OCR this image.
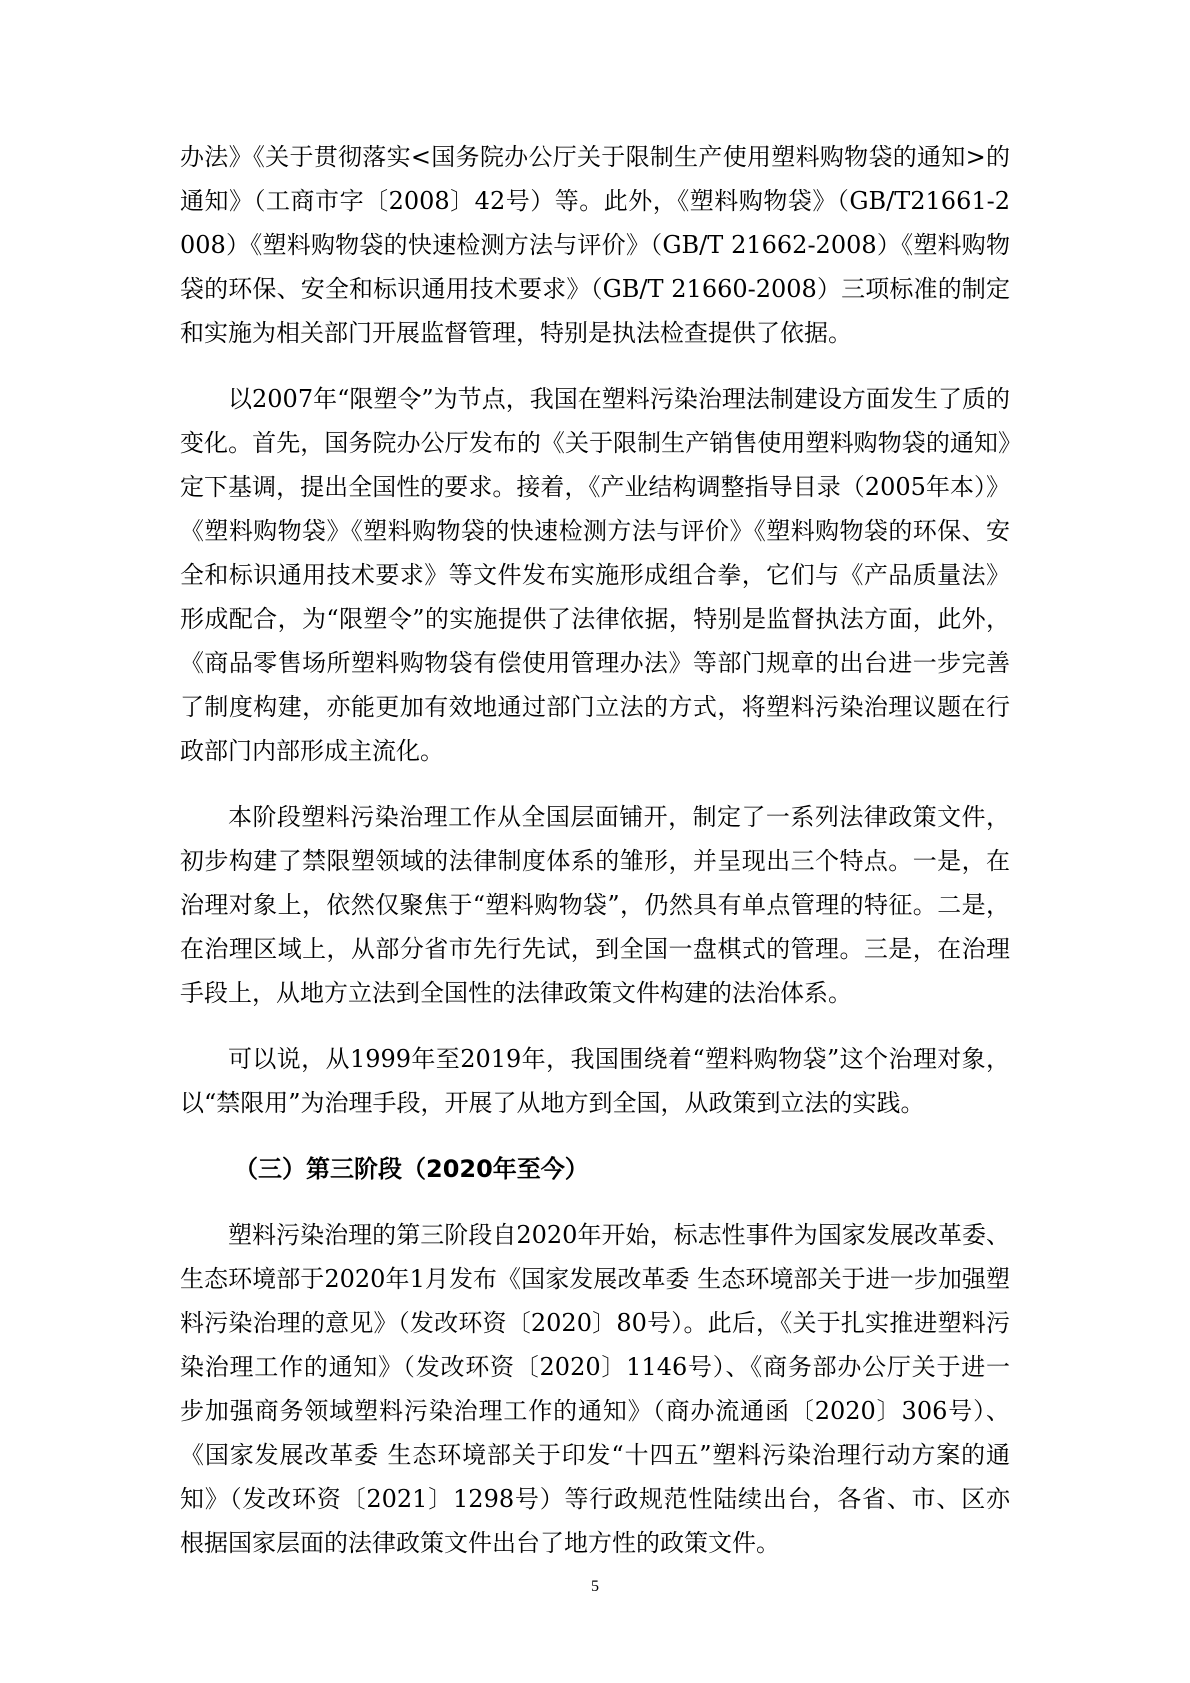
办法》《关于贯彻落实<国务院办公厅关于限制生产使用塑料购物袋的通知>的通知》（工商市字〔2008〕42号）等。此外，《塑料购物袋》（GB/T21661-2008）《塑料购物袋的快速检测方法与评价》（GB/T 21662-2008）《塑料购物袋的环保、安全和标识通用技术要求》（GB/T 21660-2008）三项标准的制定和实施为相关部门开展监督管理，特别是执法检查提供了依据。

以2007年“限塑令”为节点，我国在塑料污染治理法制建设方面发生了质的变化。首先，国务院办公厅发布的《关于限制生产销售使用塑料购物袋的通知》定下基调，提出全国性的要求。接着，《产业结构调整指导目录（2005年本）》《塑料购物袋》《塑料购物袋的快速检测方法与评价》《塑料购物袋的环保、安全和标识通用技术要求》等文件发布实施形成组合拳，它们与《产品质量法》形成配合，为“限塑令”的实施提供了法律依据，特别是监督执法方面，此外，《商品零售场所塑料购物袋有偿使用管理办法》等部门规章的出台进一步完善了制度构建，亦能更加有效地通过部门立法的方式，将塑料污染治理议题在行政部门内部形成主流化。

本阶段塑料污染治理工作从全国层面铺开，制定了一系列法律政策文件，初步构建了禁限塑领域的法律制度体系的雏形，并呈现出三个特点。一是，在治理对象上，依然仅聚焦于“塑料购物袋”，仍然具有单点管理的特征。二是，在治理区域上，从部分省市先行先试，到全国一盘棋式的管理。三是，在治理手段上，从地方立法到全国性的法律政策文件构建的法治体系。

可以说，从1999年至2019年，我国围绕着“塑料购物袋”这个治理对象，以“禁限用”为治理手段，开展了从地方到全国，从政策到立法的实践。

（三）第三阶段（2020年至今）

塑料污染治理的第三阶段自2020年开始，标志性事件为国家发展改革委、生态环境部于2020年1月发布《国家发展改革委 生态环境部关于进一步加强塑料污染治理的意见》（发改环资〔2020〕80号）。此后，《关于扎实推进塑料污染治理工作的通知》（发改环资〔2020〕1146号）、《商务部办公厅关于进一步加强商务领域塑料污染治理工作的通知》（商办流通函〔2020〕306号）、《国家发展改革委 生态环境部关于印发“十四五”塑料污染治理行动方案的通知》（发改环资〔2021〕1298号）等行政规范性陆续出台，各省、市、区亦根据国家层面的法律政策文件出台了地方性的政策文件。

5
